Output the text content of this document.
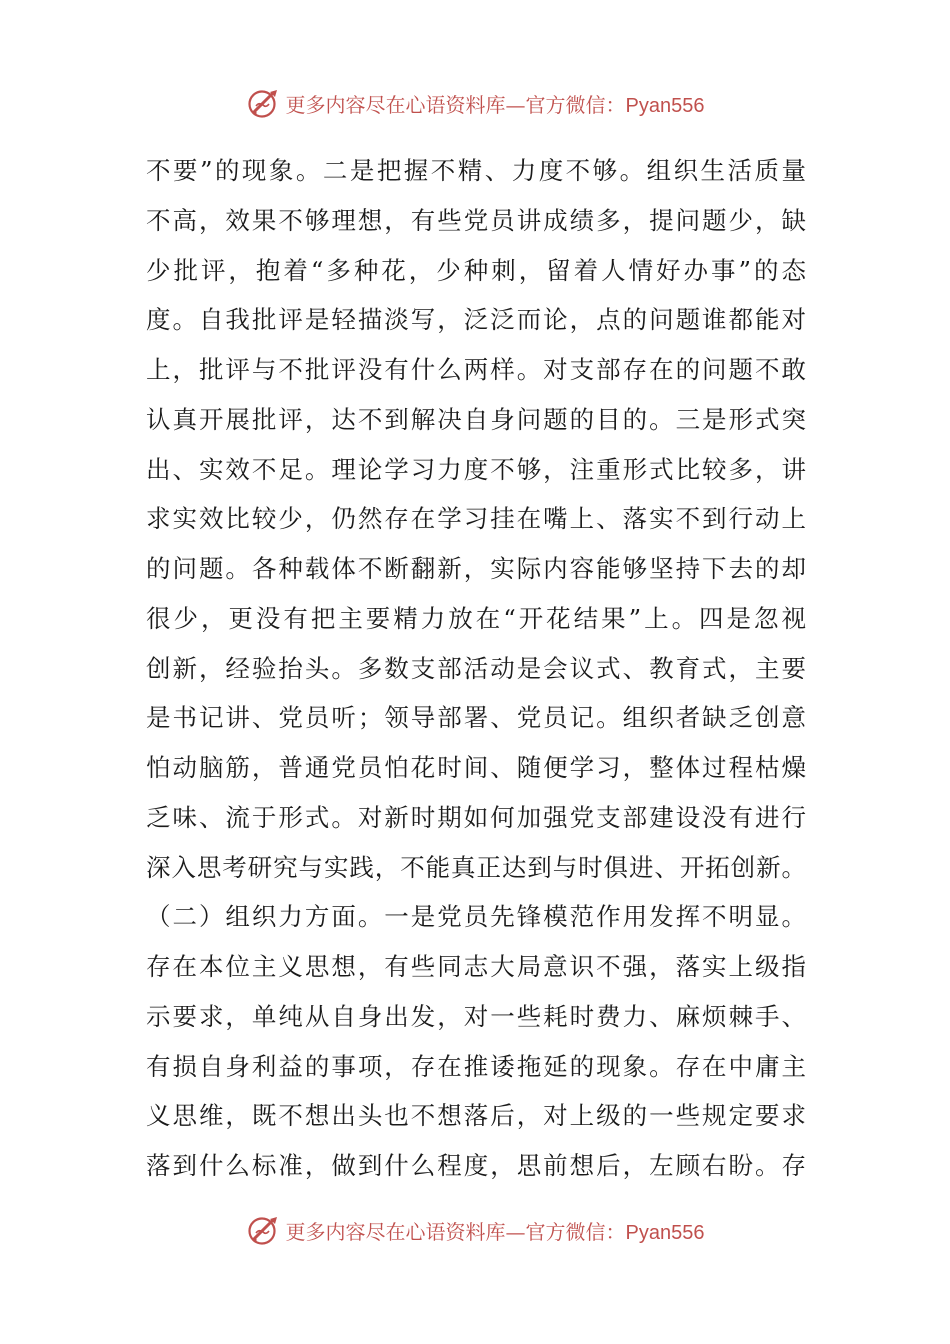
更多内容尽在心语资料库—官方微信：Pyan556
不要”的现象。二是把握不精、力度不够。组织生活质量
不高，效果不够理想，有些党员讲成绩多，提问题少，缺
少批评，抱着“多种花，少种刺，留着人情好办事”的态
度。自我批评是轻描淡写，泛泛而论，点的问题谁都能对
上，批评与不批评没有什么两样。对支部存在的问题不敢
认真开展批评，达不到解决自身问题的目的。三是形式突
出、实效不足。理论学习力度不够，注重形式比较多，讲
求实效比较少，仍然存在学习挂在嘴上、落实不到行动上
的问题。各种载体不断翻新，实际内容能够坚持下去的却
很少，更没有把主要精力放在“开花结果”上。四是忽视
创新，经验抬头。多数支部活动是会议式、教育式，主要
是书记讲、党员听；领导部署、党员记。组织者缺乏创意
怕动脑筋，普通党员怕花时间、随便学习，整体过程枯燥
乏味、流于形式。对新时期如何加强党支部建设没有进行
深入思考研究与实践，不能真正达到与时俱进、开拓创新。
（二）组织力方面。一是党员先锋模范作用发挥不明显。
存在本位主义思想，有些同志大局意识不强，落实上级指
示要求，单纯从自身出发，对一些耗时费力、麻烦棘手、
有损自身利益的事项，存在推诿拖延的现象。存在中庸主
义思维，既不想出头也不想落后，对上级的一些规定要求
落到什么标准，做到什么程度，思前想后，左顾右盼。存
更多内容尽在心语资料库—官方微信：Pyan556
